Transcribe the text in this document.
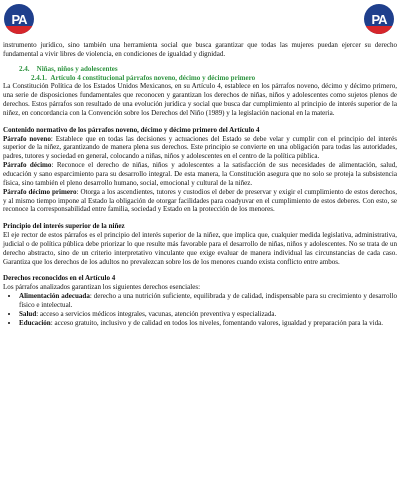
PA	PA

instrumento jurídico, sino también una herramienta social que busca garantizar que todas las mujeres puedan ejercer su derecho fundamental a vivir libres de violencia, en condiciones de igualdad y dignidad.

2.4.    Niñas, niños y adolescentes
2.4.1.  Artículo 4 constitucional párrafos noveno, décimo y décimo primero

La Constitución Política de los Estados Unidos Mexicanos, en su Artículo 4, establece en los párrafos noveno, décimo y décimo primero, una serie de disposiciones fundamentales que reconocen y garantizan los derechos de niñas, niños y adolescentes como sujetos plenos de derechos. Estos párrafos son resultado de una evolución jurídica y social que busca dar cumplimiento al principio de interés superior de la niñez, en concordancia con la Convención sobre los Derechos del Niño (1989) y la legislación nacional en la materia.

Contenido normativo de los párrafos noveno, décimo y décimo primero del Artículo 4

Párrafo noveno: Establece que en todas las decisiones y actuaciones del Estado se debe velar y cumplir con el principio del interés superior de la niñez, garantizando de manera plena sus derechos. Este principio se convierte en una obligación para todas las autoridades, padres, tutores y sociedad en general, colocando a niñas, niños y adolescentes en el centro de la política pública.

Párrafo décimo: Reconoce el derecho de niñas, niños y adolescentes a la satisfacción de sus necesidades de alimentación, salud, educación y sano esparcimiento para su desarrollo integral. De esta manera, la Constitución asegura que no solo se proteja la subsistencia física, sino también el pleno desarrollo humano, social, emocional y cultural de la niñez.

Párrafo décimo primero: Otorga a los ascendientes, tutores y custodios el deber de preservar y exigir el cumplimiento de estos derechos, y al mismo tiempo impone al Estado la obligación de otorgar facilidades para coadyuvar en el cumplimiento de estos deberes. Con esto, se reconoce la corresponsabilidad entre familia, sociedad y Estado en la protección de los menores.

Principio del interés superior de la niñez

El eje rector de estos párrafos es el principio del interés superior de la niñez, que implica que, cualquier medida legislativa, administrativa, judicial o de política pública debe priorizar lo que resulte más favorable para el desarrollo de niñas, niños y adolescentes. No se trata de un derecho abstracto, sino de un criterio interpretativo vinculante que exige evaluar de manera individual las circunstancias de cada caso. Garantiza que los derechos de los adultos no prevalezcan sobre los de los menores cuando exista conflicto entre ambos.

Derechos reconocidos en el Artículo 4

Los párrafos analizados garantizan los siguientes derechos esenciales:

• Alimentación adecuada: derecho a una nutrición suficiente, equilibrada y de calidad, indispensable para su crecimiento y desarrollo físico e intelectual.
• Salud: acceso a servicios médicos integrales, vacunas, atención preventiva y especializada.
• Educación: acceso gratuito, inclusivo y de calidad en todos los niveles, fomentando valores, igualdad y preparación para la vida.
